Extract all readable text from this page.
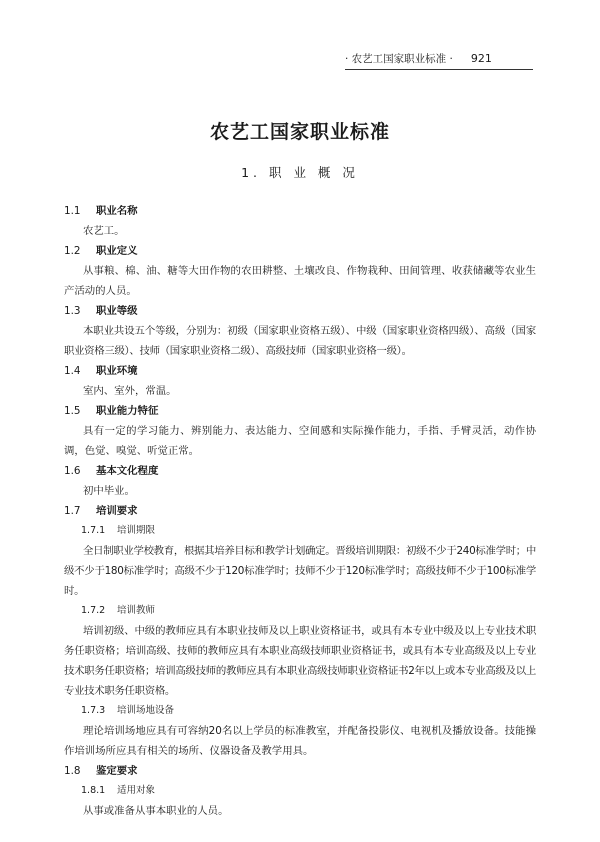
· 农艺工国家职业标准 · 921
农艺工国家职业标准
1. 职 业 概 况

1.1 职业名称

农艺工。

1.2 职业定义

从事粮、棉、油、糖等大田作物的农田耕整、土壤改良、作物栽种、田间管理、收获储藏等农业生产活动的人员。

1.3 职业等级

本职业共设五个等级，分别为：初级（国家职业资格五级）、中级（国家职业资格四级）、高级（国家职业资格三级）、技师（国家职业资格二级）、高级技师（国家职业资格一级）。

1.4 职业环境

室内、室外，常温。

1.5 职业能力特征

具有一定的学习能力、辨别能力、表达能力、空间感和实际操作能力，手指、手臂灵活，动作协调，色觉、嗅觉、听觉正常。

1.6 基本文化程度

初中毕业。

1.7 培训要求

1.7.1 培训期限

全日制职业学校教育，根据其培养目标和教学计划确定。晋级培训期限：初级不少于240标准学时；中级不少于180标准学时；高级不少于120标准学时；技师不少于120标准学时；高级技师不少于100标准学时。

1.7.2 培训教师

培训初级、中级的教师应具有本职业技师及以上职业资格证书，或具有本专业中级及以上专业技术职务任职资格；培训高级、技师的教师应具有本职业高级技师职业资格证书，或具有本专业高级及以上专业技术职务任职资格；培训高级技师的教师应具有本职业高级技师职业资格证书2年以上或本专业高级及以上专业技术职务任职资格。

1.7.3 培训场地设备

理论培训场地应具有可容纳20名以上学员的标准教室，并配备投影仪、电视机及播放设备。技能操作培训场所应具有相关的场所、仪器设备及教学用具。

1.8 鉴定要求

1.8.1 适用对象

从事或准备从事本职业的人员。
